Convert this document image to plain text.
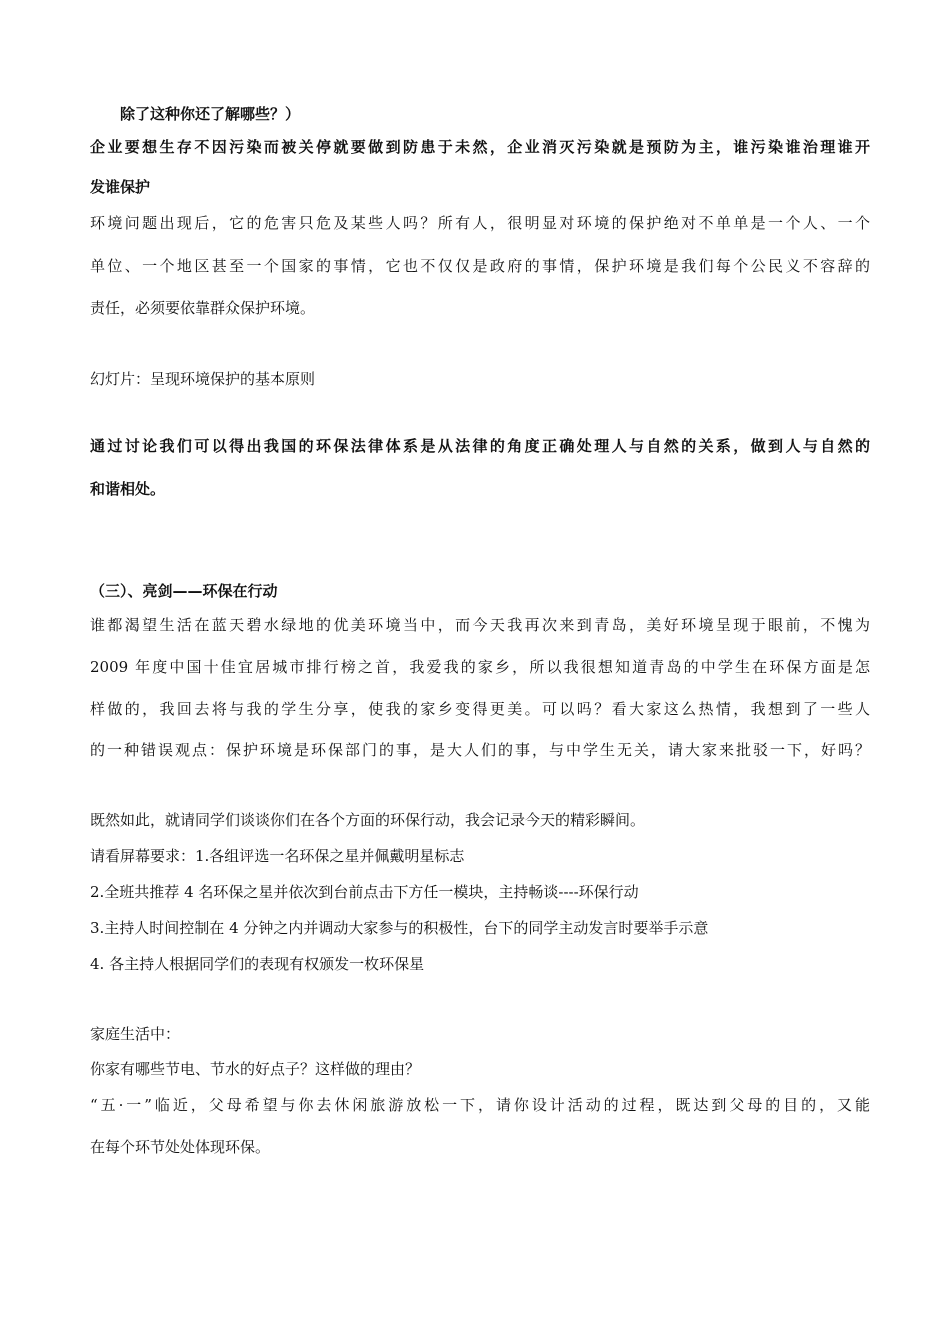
除了这种你还了解哪些？）
企业要想生存不因污染而被关停就要做到防患于未然，企业消灭污染就是预防为主，谁污染谁治理谁开
发谁保护
环境问题出现后，它的危害只危及某些人吗？所有人，很明显对环境的保护绝对不单单是一个人、一个
单位、一个地区甚至一个国家的事情，它也不仅仅是政府的事情，保护环境是我们每个公民义不容辞的
责任，必须要依靠群众保护环境。
幻灯片：呈现环境保护的基本原则
通过讨论我们可以得出我国的环保法律体系是从法律的角度正确处理人与自然的关系，做到人与自然的
和谐相处。
（三）、亮剑——环保在行动
谁都渴望生活在蓝天碧水绿地的优美环境当中，而今天我再次来到青岛，美好环境呈现于眼前，不愧为
2009 年度中国十佳宜居城市排行榜之首，我爱我的家乡，所以我很想知道青岛的中学生在环保方面是怎
样做的，我回去将与我的学生分享，使我的家乡变得更美。可以吗？看大家这么热情，我想到了一些人
的一种错误观点：保护环境是环保部门的事，是大人们的事，与中学生无关，请大家来批驳一下，好吗？
既然如此，就请同学们谈谈你们在各个方面的环保行动，我会记录今天的精彩瞬间。
请看屏幕要求：1.各组评选一名环保之星并佩戴明星标志
2.全班共推荐 4 名环保之星并依次到台前点击下方任一模块，主持畅谈----环保行动
3.主持人时间控制在 4 分钟之内并调动大家参与的积极性，台下的同学主动发言时要举手示意
4. 各主持人根据同学们的表现有权颁发一枚环保星
家庭生活中：
你家有哪些节电、节水的好点子？这样做的理由？
“五·一”临近，父母希望与你去休闲旅游放松一下，请你设计活动的过程，既达到父母的目的，又能
在每个环节处处体现环保。
